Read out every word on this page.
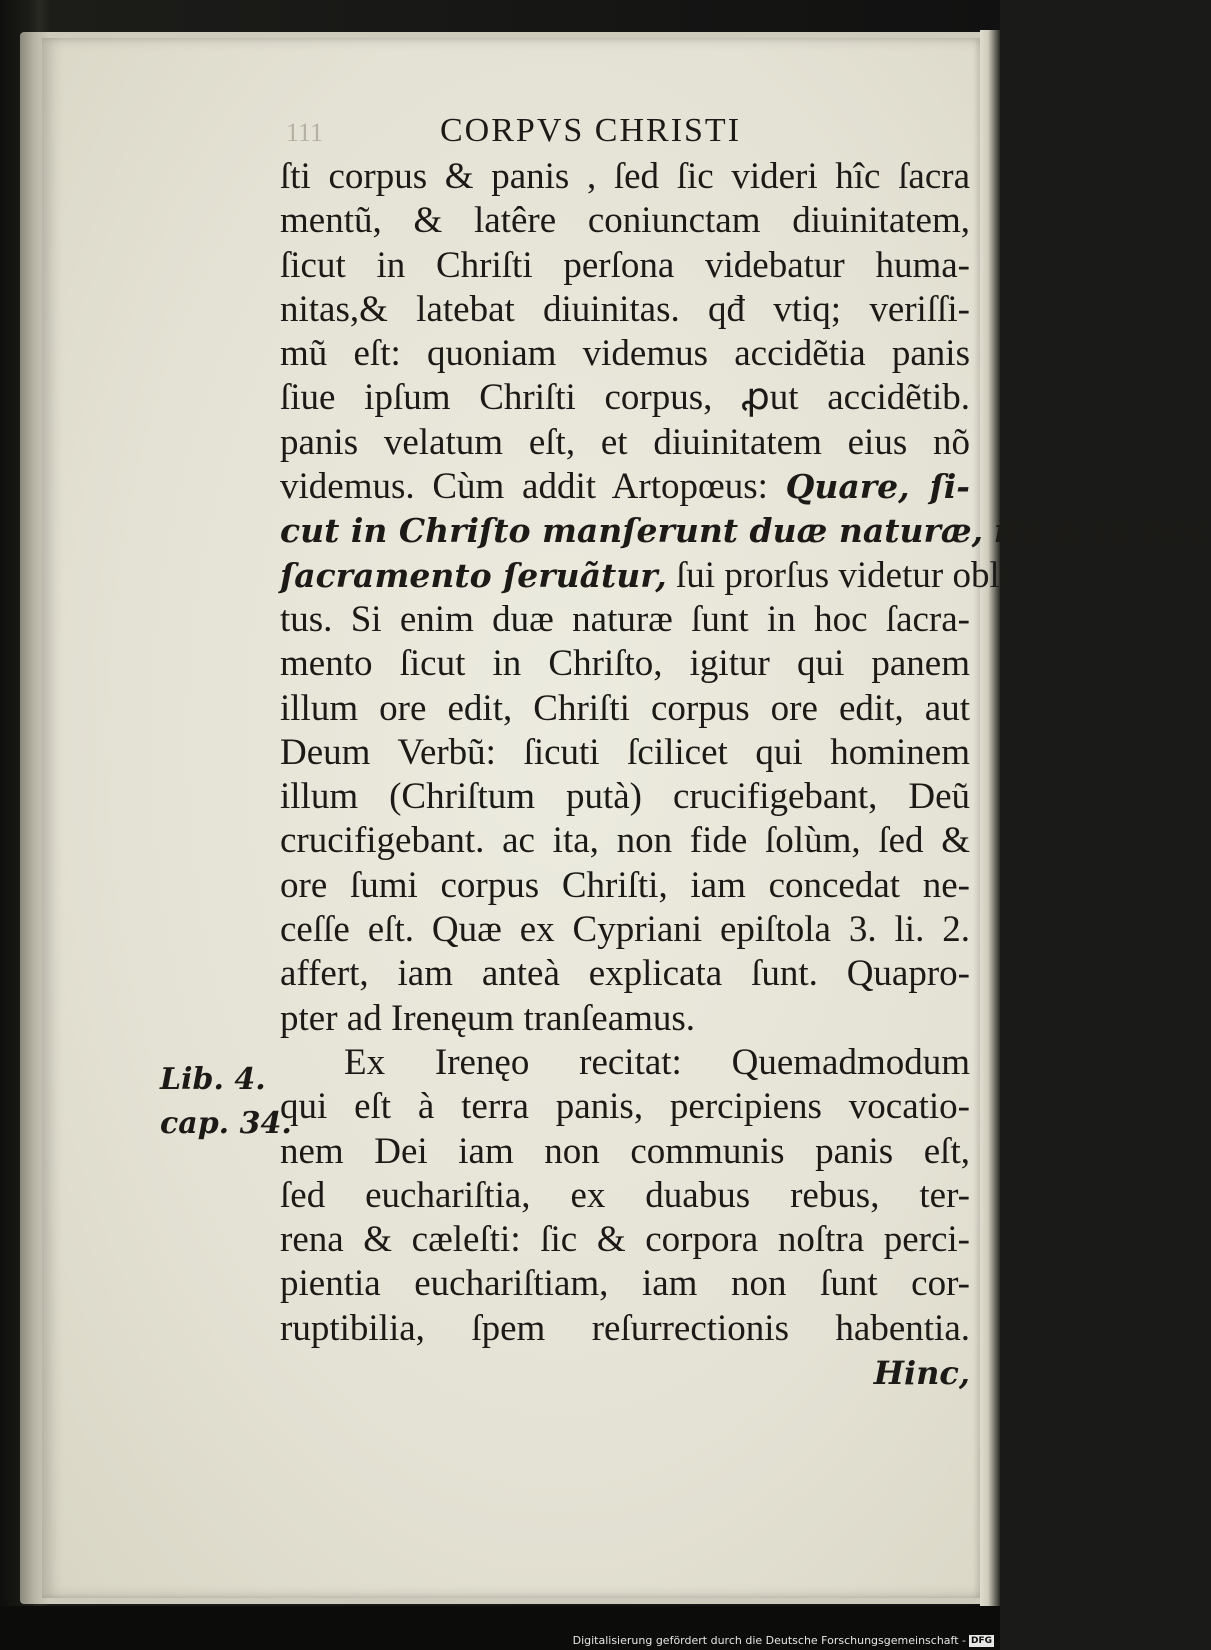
111	CORPVS CHRISTI
ſti corpus & panis , ſed ſic videri hîc ſacra
mentũ, & latêre coniunctam diuinitatem,
ſicut in Chriſti perſona videbatur huma-
nitas,& latebat diuinitas. qđ vtiq; veriſſi-
mũ eſt: quoniam videmus accidẽtia panis
ſiue ipſum Chriſti corpus, ꝓut accidẽtib.
panis velatum eſt, et diuinitatem eius nõ
videmus. Cùm addit Artopœus: Quare, ſi-
cut in Chriſto manſerunt duæ naturæ, ita & in hoc
ſacramento ſeruãtur, ſui prorſus videtur obli
tus. Si enim duæ naturæ ſunt in hoc ſacra-
mento ſicut in Chriſto, igitur qui panem
illum ore edit, Chriſti corpus ore edit, aut
Deum Verbũ: ſicuti ſcilicet qui hominem
illum (Chriſtum putà) crucifigebant, Deũ
crucifigebant. ac ita, non fide ſolùm, ſed &
ore ſumi corpus Chriſti, iam concedat ne-
ceſſe eſt. Quæ ex Cypriani epiſtola 3. li. 2.
affert, iam anteà explicata ſunt. Quapro-
pter ad Irenęum tranſeamus.
Ex Irenęo recitat: Quemadmodum
qui eſt à terra panis, percipiens vocatio-
nem Dei iam non communis panis eſt,
ſed euchariſtia, ex duabus rebus, ter-
rena & cæleſti: ſic & corpora noſtra perci-
pientia euchariſtiam, iam non ſunt cor-
ruptibilia, ſpem reſurrectionis habentia.
Hinc,
Lib. 4.
cap. 34.
Digitalisierung gefördert durch die Deutsche Forschungsgemeinschaft - DFG
